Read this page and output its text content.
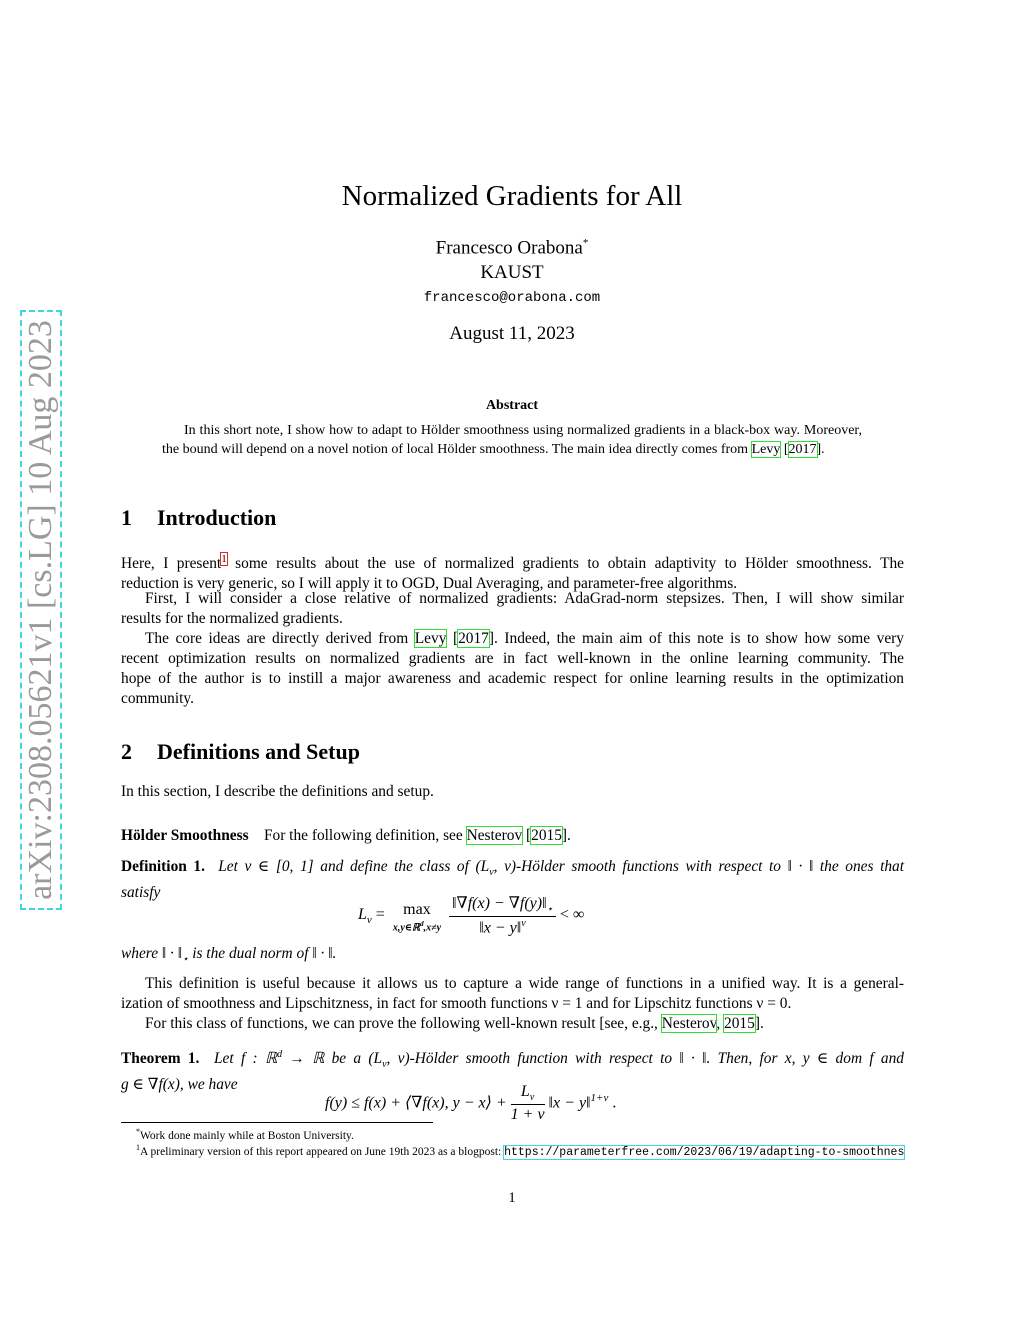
arXiv:2308.05621v1 [cs.LG] 10 Aug 2023
Normalized Gradients for All
Francesco Orabona*
KAUST
francesco@orabona.com
August 11, 2023
Abstract
In this short note, I show how to adapt to Hölder smoothness using normalized gradients in a black-box way. Moreover, the bound will depend on a novel notion of local Hölder smoothness. The main idea directly comes from Levy [2017].
1 Introduction
Here, I present$^1$ some results about the use of normalized gradients to obtain adaptivity to Hölder smoothness. The
reduction is very generic, so I will apply it to OGD, Dual Averaging, and parameter-free algorithms.
First, I will consider a close relative of normalized gradients: AdaGrad-norm stepsizes. Then, I will show similar
results for the normalized gradients.
The core ideas are directly derived from Levy [2017]. Indeed, the main aim of this note is to show how some very
recent optimization results on normalized gradients are in fact well-known in the online learning community. The
hope of the author is to instill a major awareness and academic respect for online learning results in the optimization
community.
2 Definitions and Setup
In this section, I describe the definitions and setup.
Hölder Smoothness For the following definition, see Nesterov [2015].
Definition 1. Let ν ∈ [0, 1] and define the class of ($L_\nu$, ν)-Hölder smooth functions with respect to ‖ · ‖ the ones that
satisfy
$L_\nu = \max$
x,y∈ℝ$^d$,x≠y
$\frac{‖\nabla f(x) - \nabla f(y)‖_⋆}{‖x - y‖^\nu}$ < ∞
where ‖ · $‖_⋆$ is the dual norm of ‖ · ‖.
This definition is useful because it allows us to capture a wide range of functions in a unified way. It is a general-
ization of smoothness and Lipschitzness, in fact for smooth functions ν = 1 and for Lipschitz functions ν = 0.
For this class of functions, we can prove the following well-known result [see, e.g., Nesterov, 2015].
Theorem 1. Let f : ℝ$^d$ → ℝ be a ($L_\nu$, ν)-Hölder smooth function with respect to ‖ · ‖. Then, for x, y ∈ dom f and
g ∈ ∇f(x), we have
f(y) ≤ f(x) + ⟨∇f(x), y − x⟩ + $\frac{L_\nu}{1 + \nu}$ ‖x − y‖$^{1+\nu}$ .
*Work done mainly while at Boston University.
$^1$A preliminary version of this report appeared on June 19th 2023 as a blogpost: https://parameterfree.com/2023/06/19/adapting-to-smoothnes
1
